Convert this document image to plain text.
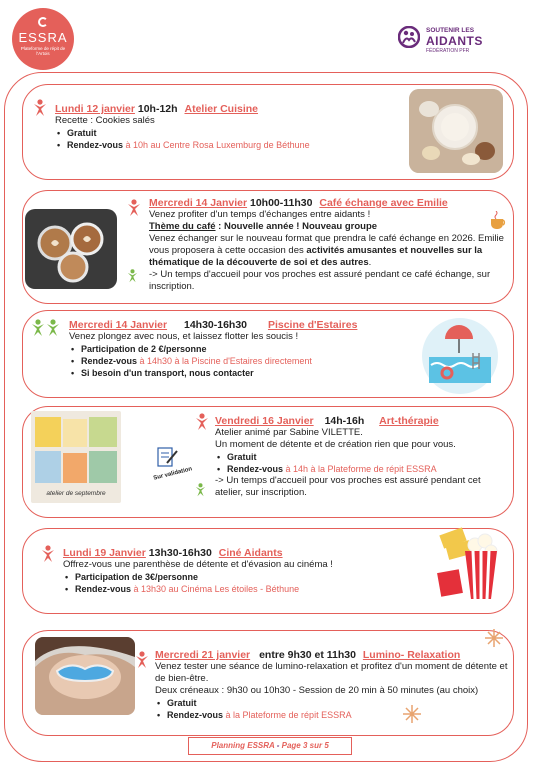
ESSRA
Plateforme de répit de l'Artois
SOUTENIR LES
AIDANTS
FÉDÉRATION PFR
Lundi 12 janvier 10h-12h Atelier Cuisine
Recette : Cookies salés
• Gratuit
• Rendez-vous à 10h au Centre Rosa Luxemburg de Béthune
Mercredi 14 Janvier 10h00-11h30 Café échange avec Emilie
Venez profiter d'un temps d'échanges entre aidants !
Thème du café : Nouvelle année ! Nouveau groupe
Venez échanger sur le nouveau format que prendra le café échange en 2026. Emilie vous proposera à cette occasion des activités amusantes et nouvelles sur la thématique de la découverte de soi et des autres.
-> Un temps d'accueil pour vos proches est assuré pendant ce café échange, sur inscription.
Mercredi 14 Janvier 14h30-16h30 Piscine d'Estaires
Venez plongez avec nous, et laissez flotter les soucis !
• Participation de 2 €/personne
• Rendez-vous à 14h30 à la Piscine d'Estaires directement
• Si besoin d'un transport, nous contacter
atelier de septembre
Sur validation
Vendredi 16 Janvier 14h-16h Art-thérapie
Atelier animé par Sabine VILETTE.
Un moment de détente et de création rien que pour vous.
• Gratuit
• Rendez-vous à 14h à la Plateforme de répit ESSRA
-> Un temps d'accueil pour vos proches est assuré pendant cet atelier, sur inscription.
Lundi 19 Janvier 13h30-16h30 Ciné Aidants
Offrez-vous une parenthèse de détente et d'évasion au cinéma !
• Participation de 3€/personne
• Rendez-vous à 13h30 au Cinéma Les étoiles - Béthune
Mercredi 21 janvier entre 9h30 et 11h30 Lumino- Relaxation
Venez tester une séance de lumino-relaxation et profitez d'un moment de détente et de bien-être.
Deux créneaux : 9h30 ou 10h30 - Session de 20 min à 50 minutes (au choix)
• Gratuit
• Rendez-vous à la Plateforme de répit ESSRA
Planning ESSRA - Page 3 sur 5
